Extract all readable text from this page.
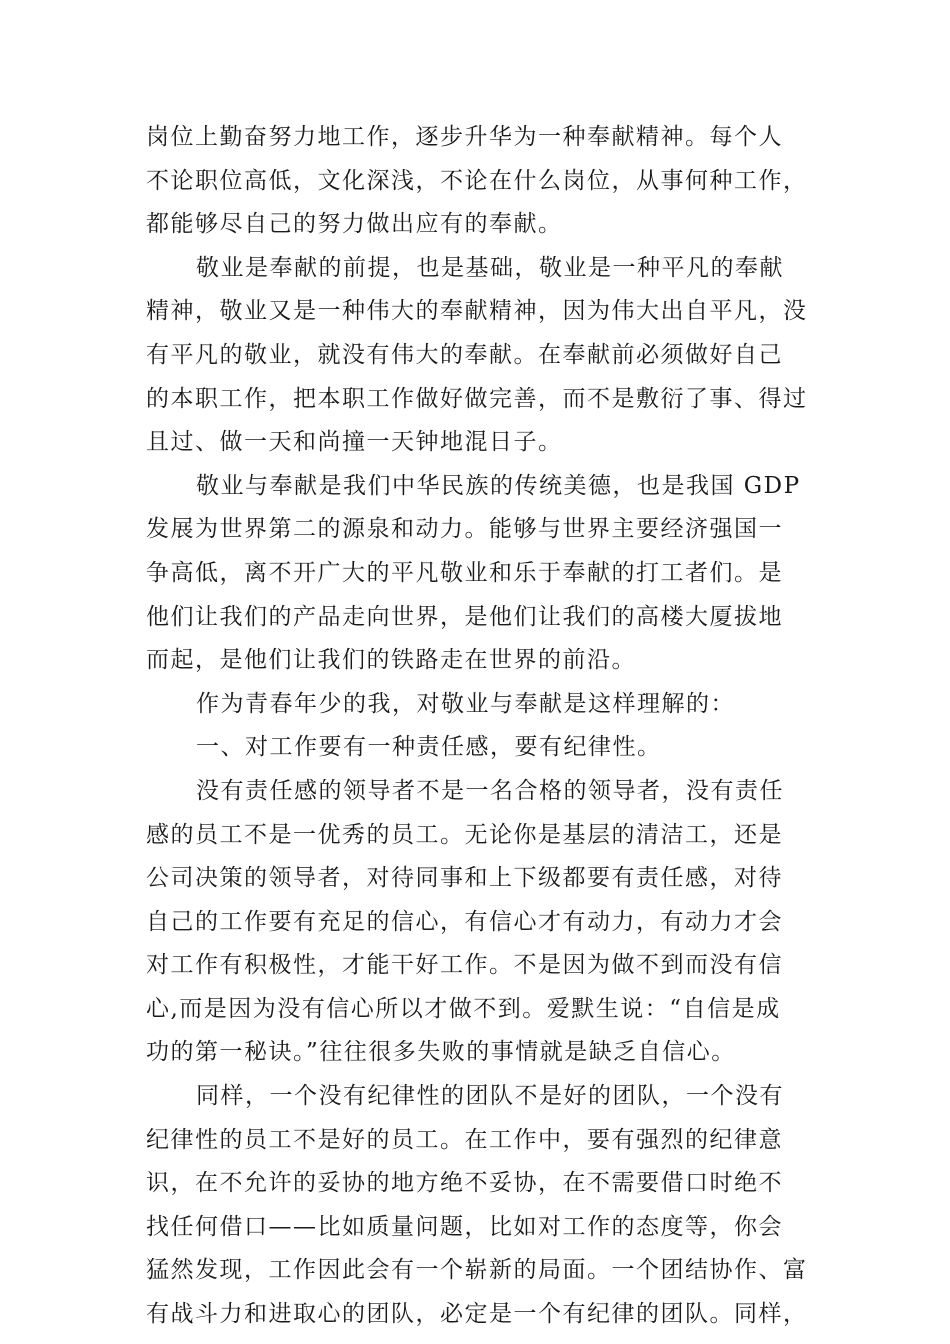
岗位上勤奋努力地工作，逐步升华为一种奉献精神。每个人
不论职位高低，文化深浅，不论在什么岗位，从事何种工作，
都能够尽自己的努力做出应有的奉献。
敬业是奉献的前提，也是基础，敬业是一种平凡的奉献
精神，敬业又是一种伟大的奉献精神，因为伟大出自平凡，没
有平凡的敬业，就没有伟大的奉献。在奉献前必须做好自己
的本职工作，把本职工作做好做完善，而不是敷衍了事、得过
且过、做一天和尚撞一天钟地混日子。
敬业与奉献是我们中华民族的传统美德，也是我国 GDP
发展为世界第二的源泉和动力。能够与世界主要经济强国一
争高低，离不开广大的平凡敬业和乐于奉献的打工者们。是
他们让我们的产品走向世界，是他们让我们的高楼大厦拔地
而起，是他们让我们的铁路走在世界的前沿。
作为青春年少的我，对敬业与奉献是这样理解的：
一、对工作要有一种责任感，要有纪律性。
没有责任感的领导者不是一名合格的领导者，没有责任
感的员工不是一优秀的员工。无论你是基层的清洁工，还是
公司决策的领导者，对待同事和上下级都要有责任感，对待
自己的工作要有充足的信心，有信心才有动力，有动力才会
对工作有积极性，才能干好工作。不是因为做不到而没有信
心,而是因为没有信心所以才做不到。爱默生说：“自信是成
功的第一秘诀。”往往很多失败的事情就是缺乏自信心。
同样，一个没有纪律性的团队不是好的团队，一个没有
纪律性的员工不是好的员工。在工作中，要有强烈的纪律意
识，在不允许的妥协的地方绝不妥协，在不需要借口时绝不
找任何借口——比如质量问题，比如对工作的态度等，你会
猛然发现，工作因此会有一个崭新的局面。一个团结协作、富
有战斗力和进取心的团队，必定是一个有纪律的团队。同样，
